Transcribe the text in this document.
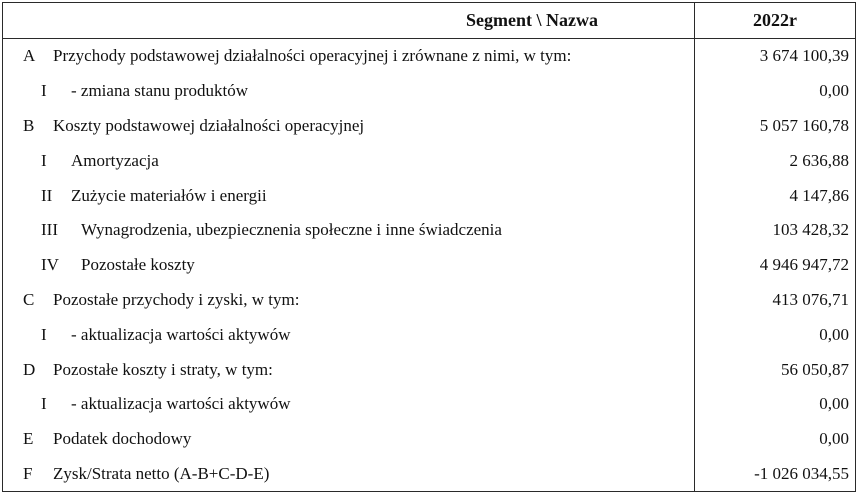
Segment \ Nazwa	2022r
A	Przychody podstawowej działalności operacyjnej i zrównane z nimi, w tym:	3 674 100,39
I	- zmiana stanu produktów	0,00
B	Koszty podstawowej działalności operacyjnej	5 057 160,78
I	Amortyzacja	2 636,88
II	Zużycie materiałów i energii	4 147,86
III	Wynagrodzenia, ubezpiecznenia społeczne i inne świadczenia	103 428,32
IV	Pozostałe koszty	4 946 947,72
C	Pozostałe przychody i zyski, w tym:	413 076,71
I	- aktualizacja wartości aktywów	0,00
D	Pozostałe koszty i straty, w tym:	56 050,87
I	- aktualizacja wartości aktywów	0,00
E	Podatek dochodowy	0,00
F	Zysk/Strata netto (A-B+C-D-E)	-1 026 034,55
